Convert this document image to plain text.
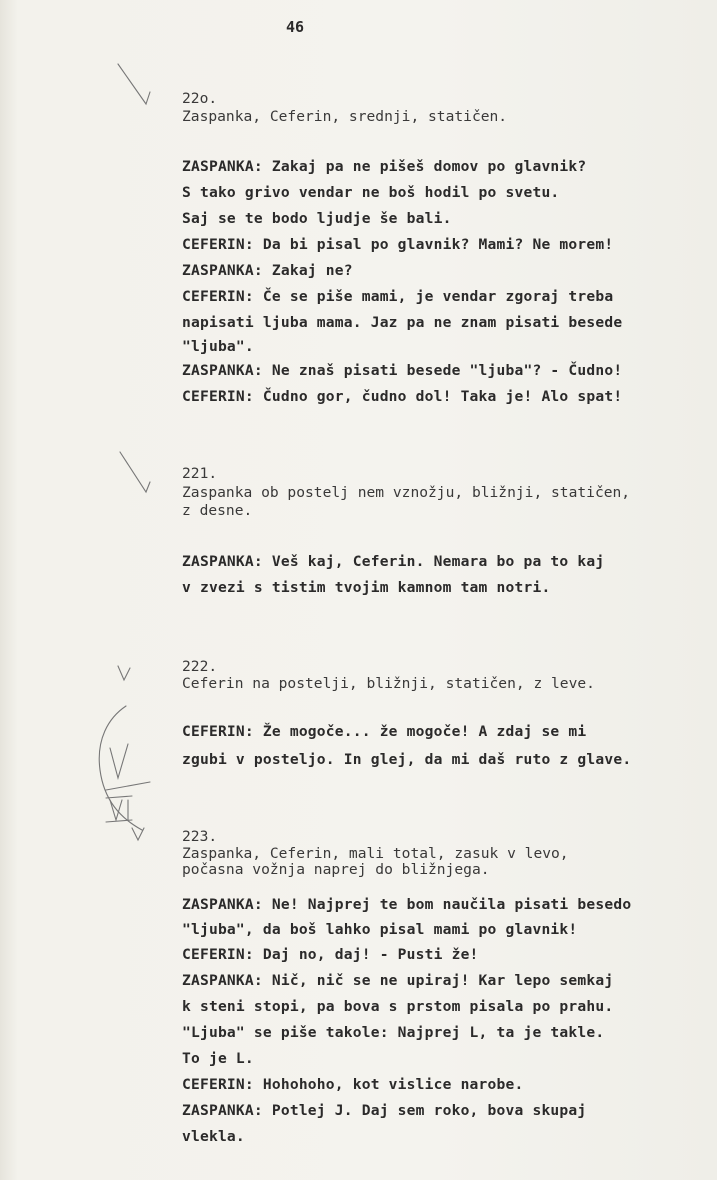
46
22o.
Zaspanka, Ceferin, srednji, statičen.
ZASPANKA: Zakaj pa ne pišeš domov po glavnik?
S tako grivo vendar ne boš hodil po svetu.
Saj se te bodo ljudje še bali.
CEFERIN: Da bi pisal po glavnik? Mami? Ne morem!
ZASPANKA: Zakaj ne?
CEFERIN: Če se piše mami, je vendar zgoraj treba
napisati ljuba mama. Jaz pa ne znam pisati besede
"ljuba".
ZASPANKA: Ne znaš pisati besede "ljuba"? - Čudno!
CEFERIN: Čudno gor, čudno dol! Taka je! Alo spat!
221.
Zaspanka ob postelj nem vznožju, bližnji, statičen,
z desne.
ZASPANKA: Veš kaj, Ceferin. Nemara bo pa to kaj
v zvezi s tistim tvojim kamnom tam notri.
222.
Ceferin na postelji, bližnji, statičen, z leve.
CEFERIN: Že mogoče... že mogoče! A zdaj se mi
zgubi v posteljo. In glej, da mi daš ruto z glave.
223.
Zaspanka, Ceferin, mali total, zasuk v levo,
počasna vožnja naprej do bližnjega.
ZASPANKA: Ne! Najprej te bom naučila pisati besedo
"ljuba", da boš lahko pisal mami po glavnik!
CEFERIN: Daj no, daj! - Pusti že!
ZASPANKA: Nič, nič se ne upiraj! Kar lepo semkaj
k steni stopi, pa bova s prstom pisala po prahu.
"Ljuba" se piše takole: Najprej L, ta je takle.
To je L.
CEFERIN: Hohohoho, kot vislice narobe.
ZASPANKA: Potlej J. Daj sem roko, bova skupaj
vlekla.
